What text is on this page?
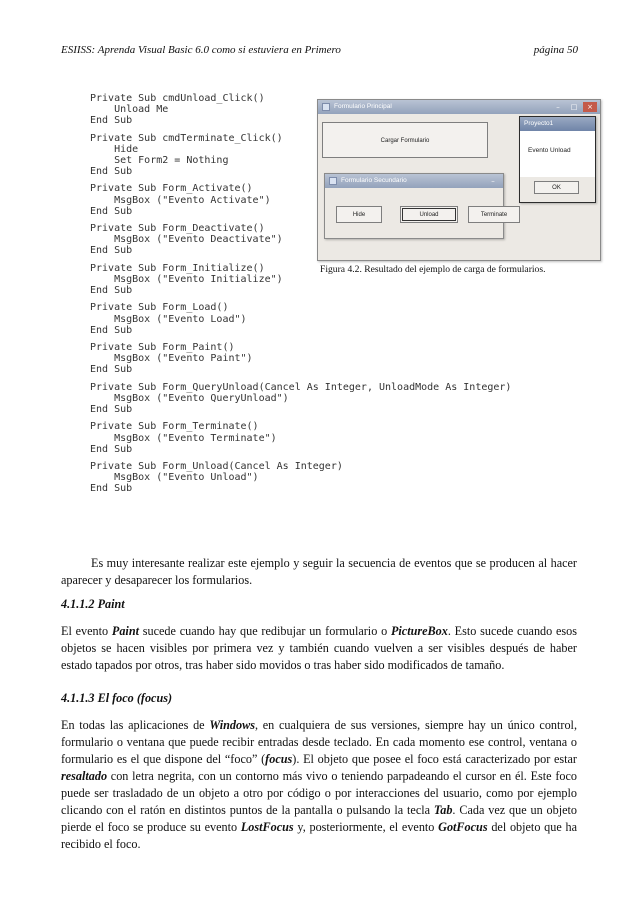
ESIISS: Aprenda Visual Basic 6.0 como si estuviera en Primero	página 50
Private Sub cmdUnload_Click()
Unload Me
End Sub
Private Sub cmdTerminate_Click()
Hide
Set Form2 = Nothing
End Sub
Private Sub Form_Activate()
MsgBox ("Evento Activate")
End Sub
Private Sub Form_Deactivate()
MsgBox ("Evento Deactivate")
End Sub
Private Sub Form_Initialize()
MsgBox ("Evento Initialize")
End Sub
Private Sub Form_Load()
MsgBox ("Evento Load")
End Sub
Private Sub Form_Paint()
MsgBox ("Evento Paint")
End Sub
Private Sub Form_QueryUnload(Cancel As Integer, UnloadMode As Integer)
MsgBox ("Evento QueryUnload")
End Sub
Private Sub Form_Terminate()
MsgBox ("Evento Terminate")
End Sub
Private Sub Form_Unload(Cancel As Integer)
MsgBox ("Evento Unload")
End Sub
Formulario Principal	–	□	×
Cargar Formulario
Formulario Secundario	–
Hide	Unload	Terminate
Proyecto1
Evento Unload
OK
Figura 4.2. Resultado del ejemplo de carga de formularios.

Es muy interesante realizar este ejemplo y seguir la secuencia de eventos que se producen al hacer aparecer y desaparecer los formularios.

4.1.1.2 Paint

El evento Paint sucede cuando hay que redibujar un formulario o PictureBox. Esto sucede cuando esos objetos se hacen visibles por primera vez y también cuando vuelven a ser visibles después de haber estado tapados por otros, tras haber sido movidos o tras haber sido modificados de tamaño.

4.1.1.3 El foco (focus)

En todas las aplicaciones de Windows, en cualquiera de sus versiones, siempre hay un único control, formulario o ventana que puede recibir entradas desde teclado. En cada momento ese control, ventana o formulario es el que dispone del “foco” (focus). El objeto que posee el foco está caracterizado por estar resaltado con letra negrita, con un contorno más vivo o teniendo parpadeando el cursor en él. Este foco puede ser trasladado de un objeto a otro por código o por interacciones del usuario, como por ejemplo clicando con el ratón en distintos puntos de la pantalla o pulsando la tecla Tab. Cada vez que un objeto pierde el foco se produce su evento LostFocus y, posteriormente, el evento GotFocus del objeto que ha recibido el foco.
